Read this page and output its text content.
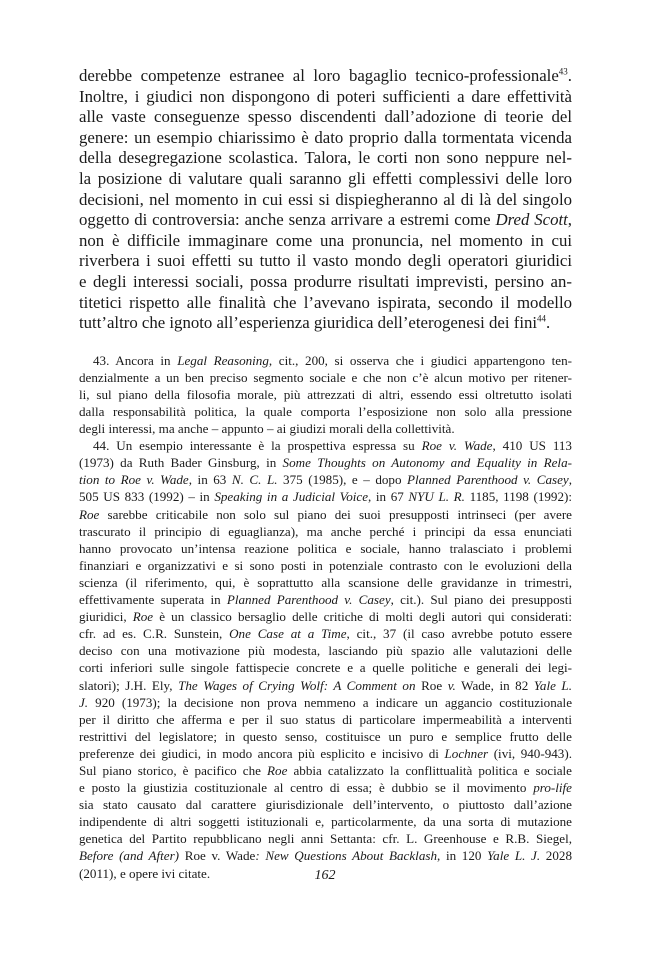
derebbe competenze estranee al loro bagaglio tecnico-professionale$^{43}$.
Inoltre, i giudici non dispongono di poteri sufficienti a dare effettività
alle vaste conseguenze spesso discendenti dall’adozione di teorie del
genere: un esempio chiarissimo è dato proprio dalla tormentata vicenda
della desegregazione scolastica. Talora, le corti non sono neppure nel-
la posizione di valutare quali saranno gli effetti complessivi delle loro
decisioni, nel momento in cui essi si dispiegheranno al di là del singolo
oggetto di controversia: anche senza arrivare a estremi come Dred Scott,
non è difficile immaginare come una pronuncia, nel momento in cui
riverbera i suoi effetti su tutto il vasto mondo degli operatori giuridici
e degli interessi sociali, possa produrre risultati imprevisti, persino an-
titetici rispetto alle finalità che l’avevano ispirata, secondo il modello
tutt’altro che ignoto all’esperienza giuridica dell’eterogenesi dei fini$^{44}$.
43. Ancora in Legal Reasoning, cit., 200, si osserva che i giudici appartengono ten-
denzialmente a un ben preciso segmento sociale e che non c’è alcun motivo per ritener-
li, sul piano della filosofia morale, più attrezzati di altri, essendo essi oltretutto isolati
dalla responsabilità politica, la quale comporta l’esposizione non solo alla pressione
degli interessi, ma anche – appunto – ai giudizi morali della collettività.
44. Un esempio interessante è la prospettiva espressa su Roe v. Wade, 410 US 113
(1973) da Ruth Bader Ginsburg, in Some Thoughts on Autonomy and Equality in Rela-
tion to Roe v. Wade, in 63 N. C. L. 375 (1985), e – dopo Planned Parenthood v. Casey,
505 US 833 (1992) – in Speaking in a Judicial Voice, in 67 NYU L. R. 1185, 1198 (1992):
Roe sarebbe criticabile non solo sul piano dei suoi presupposti intrinseci (per avere
trascurato il principio di eguaglianza), ma anche perché i principi da essa enunciati
hanno provocato un’intensa reazione politica e sociale, hanno tralasciato i problemi
finanziari e organizzativi e si sono posti in potenziale contrasto con le evoluzioni della
scienza (il riferimento, qui, è soprattutto alla scansione delle gravidanze in trimestri,
effettivamente superata in Planned Parenthood v. Casey, cit.). Sul piano dei presupposti
giuridici, Roe è un classico bersaglio delle critiche di molti degli autori qui considerati:
cfr. ad es. C.R. Sunstein, One Case at a Time, cit., 37 (il caso avrebbe potuto essere
deciso con una motivazione più modesta, lasciando più spazio alle valutazioni delle
corti inferiori sulle singole fattispecie concrete e a quelle politiche e generali dei legi-
slatori); J.H. Ely, The Wages of Crying Wolf: A Comment on Roe v. Wade, in 82 Yale L.
J. 920 (1973); la decisione non prova nemmeno a indicare un aggancio costituzionale
per il diritto che afferma e per il suo status di particolare impermeabilità a interventi
restrittivi del legislatore; in questo senso, costituisce un puro e semplice frutto delle
preferenze dei giudici, in modo ancora più esplicito e incisivo di Lochner (ivi, 940-943).
Sul piano storico, è pacifico che Roe abbia catalizzato la conflittualità politica e sociale
e posto la giustizia costituzionale al centro di essa; è dubbio se il movimento pro-life
sia stato causato dal carattere giurisdizionale dell’intervento, o piuttosto dall’azione
indipendente di altri soggetti istituzionali e, particolarmente, da una sorta di mutazione
genetica del Partito repubblicano negli anni Settanta: cfr. L. Greenhouse e R.B. Siegel,
Before (and After) Roe v. Wade: New Questions About Backlash, in 120 Yale L. J. 2028
(2011), e opere ivi citate.	162
